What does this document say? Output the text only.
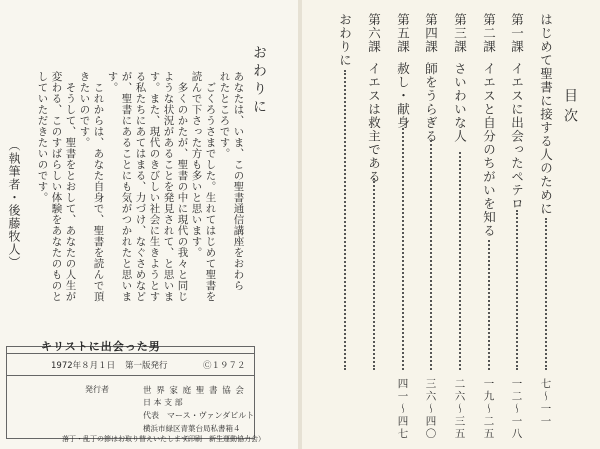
おわりに
あなたは、いま、この聖書通信講座をおわら
れたところです。
ごくろうさまでした。生れてはじめて聖書を
読んで下さった方も多いと思います。
多くのかたが、聖書の中に現代の我々と同じ
ような状況があることを発見されて、と思いま
す。また、現代のきびしい社会に生きようとす
る私たちにあてはまる、力づけ、なぐさめなど
が、聖書にあることにも気がつかれたと思いま
す。
これからは、あなた自身で、聖書を読んで頂
きたいのです。
そうして、聖書をとおして、あなたの人生が
変わる、このすばらしい体験をあなたのものと
していただきたいのです。
（執筆者・後藤牧人）
キリストに出会った男
1972年８月１日 第一版発行	Ⓒ１９７２
発行者	世 界 家 庭 聖 書 協 会
日 本 支 部
代表　マース・ヴァンダビルト
横浜市緑区青葉台局私書箱４
落丁・乱丁の節はお取り替えいたします。
（印刷　新生運動協力会）
目次
はじめて聖書に接する人のために
七〜一一
第一課
イエスに出会ったペテロ
一二〜一八
第二課
イエスと自分のちがいを知る
一九〜二五
第三課
さいわいな人
二六〜三五
第四課
師をうらぎる
三六〜四〇
第五課
赦し・献身
四一〜四七
第六課
イエスは救主である
おわりに
